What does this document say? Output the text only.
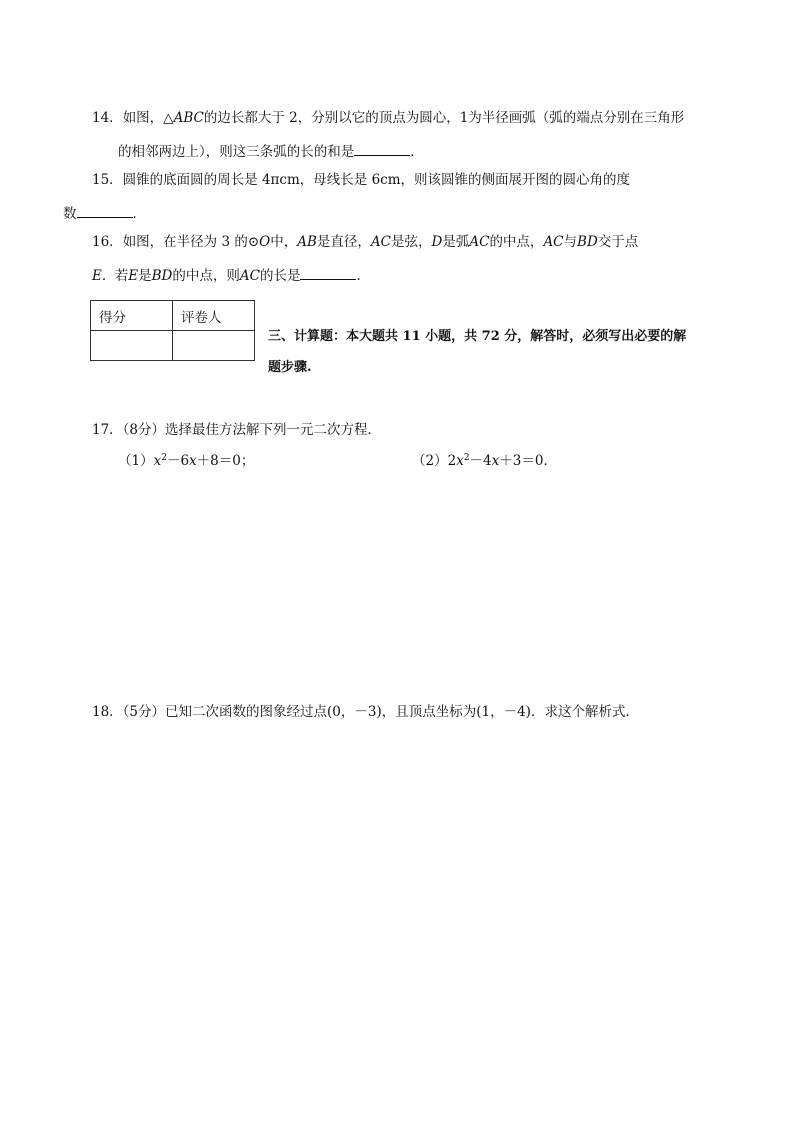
14．如图，△ABC的边长都大于 2，分别以它的顶点为圆心，1为半径画弧（弧的端点分别在三角形
的相邻两边上），则这三条弧的长的和是	．
15．圆锥的底面圆的周长是 4πcm，母线长是 6cm，则该圆锥的侧面展开图的圆心角的度
数	．
16．如图，在半径为 3 的⊙O中，AB是直径，AC是弦，D是弧AC的中点，AC与BD交于点
E. 若E是BD的中点，则AC的长是	．
得分	评卷人

三、计算题：本大题共 11 小题，共 72 分，解答时，必须写出必要的解
题步骤.
17．（8分）选择最佳方法解下列一元二次方程．
$(1)x^2-6x+8=0$；	$(2)2x^2-4x+3=0$．
18．（5分）已知二次函数的图象经过点(0，－3)，且顶点坐标为(1，－4)．求这个解析式．
